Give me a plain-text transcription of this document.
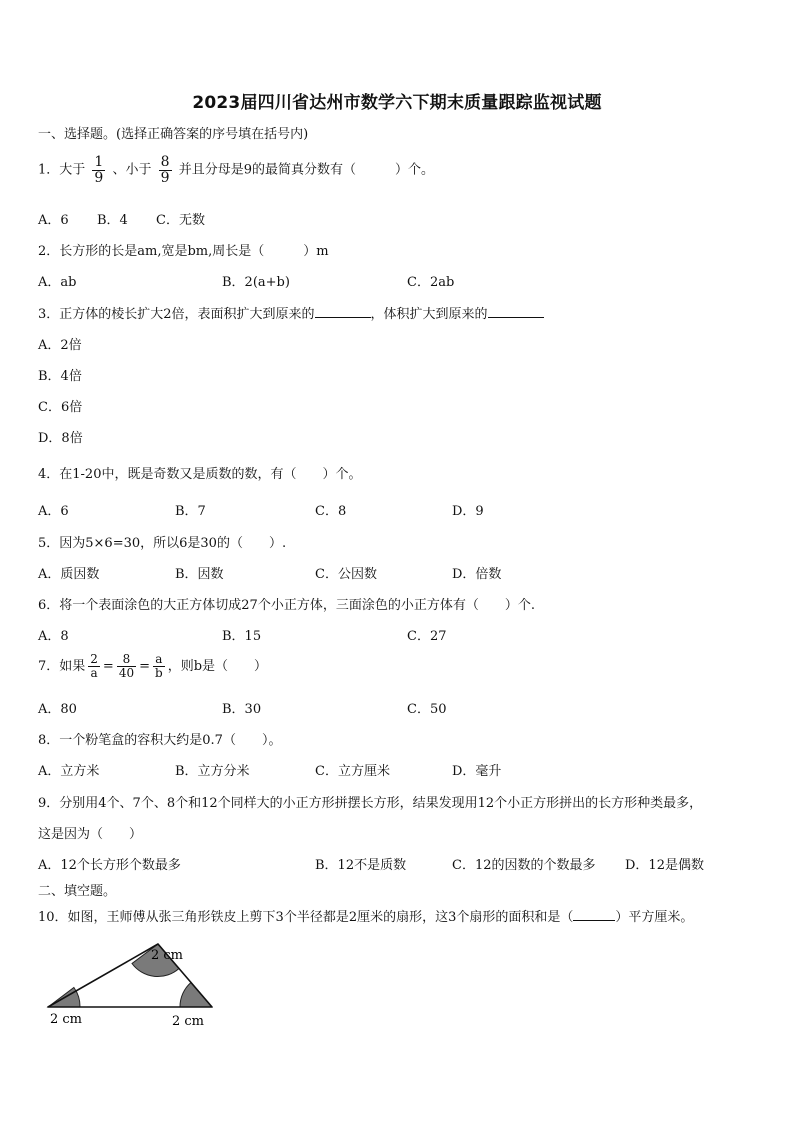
2023届四川省达州市数学六下期末质量跟踪监视试题
一、选择题。(选择正确答案的序号填在括号内)
1．大于 $\frac{1}{9}$ 、小于 $\frac{8}{9}$ 并且分母是9的最简真分数有（　　　）个。
A．6 B．4 C．无数
2．长方形的长是am,宽是bm,周长是（　　　）m
A．ab	B．2(a+b)	C．2ab
3．正方体的棱长扩大2倍，表面积扩大到原来的	，体积扩大到原来的
A．2倍
B．4倍
C．6倍
D．8倍
4．在1-20中，既是奇数又是质数的数，有（　　）个。
A．6	B．7	C．8	D．9
5．因为5×6=30，所以6是30的（　　）.
A．质因数	B．因数	C．公因数	D．倍数
6．将一个表面涂色的大正方体切成27个小正方体，三面涂色的小正方体有（　　）个.
A．8	B．15	C．27
7．如果 $\frac{2}{a} = \frac{8}{40} = \frac{a}{b}$ ，则b是（　　）
A．80	B．30	C．50
8．一个粉笔盒的容积大约是0.7（　　）。
A．立方米	B．立方分米	C．立方厘米	D．毫升
9．分别用4个、7个、8个和12个同样大的小正方形拼摆长方形，结果发现用12个小正方形拼出的长方形种类最多，
这是因为（　　）
A．12个长方形个数最多	B．12不是质数	C．12的因数的个数最多 D．12是偶数
二、填空题。
10．如图，王师傅从张三角形铁皮上剪下3个半径都是2厘米的扇形，这3个扇形的面积和是（	）平方厘米。
2 cm
2 cm	2 cm
